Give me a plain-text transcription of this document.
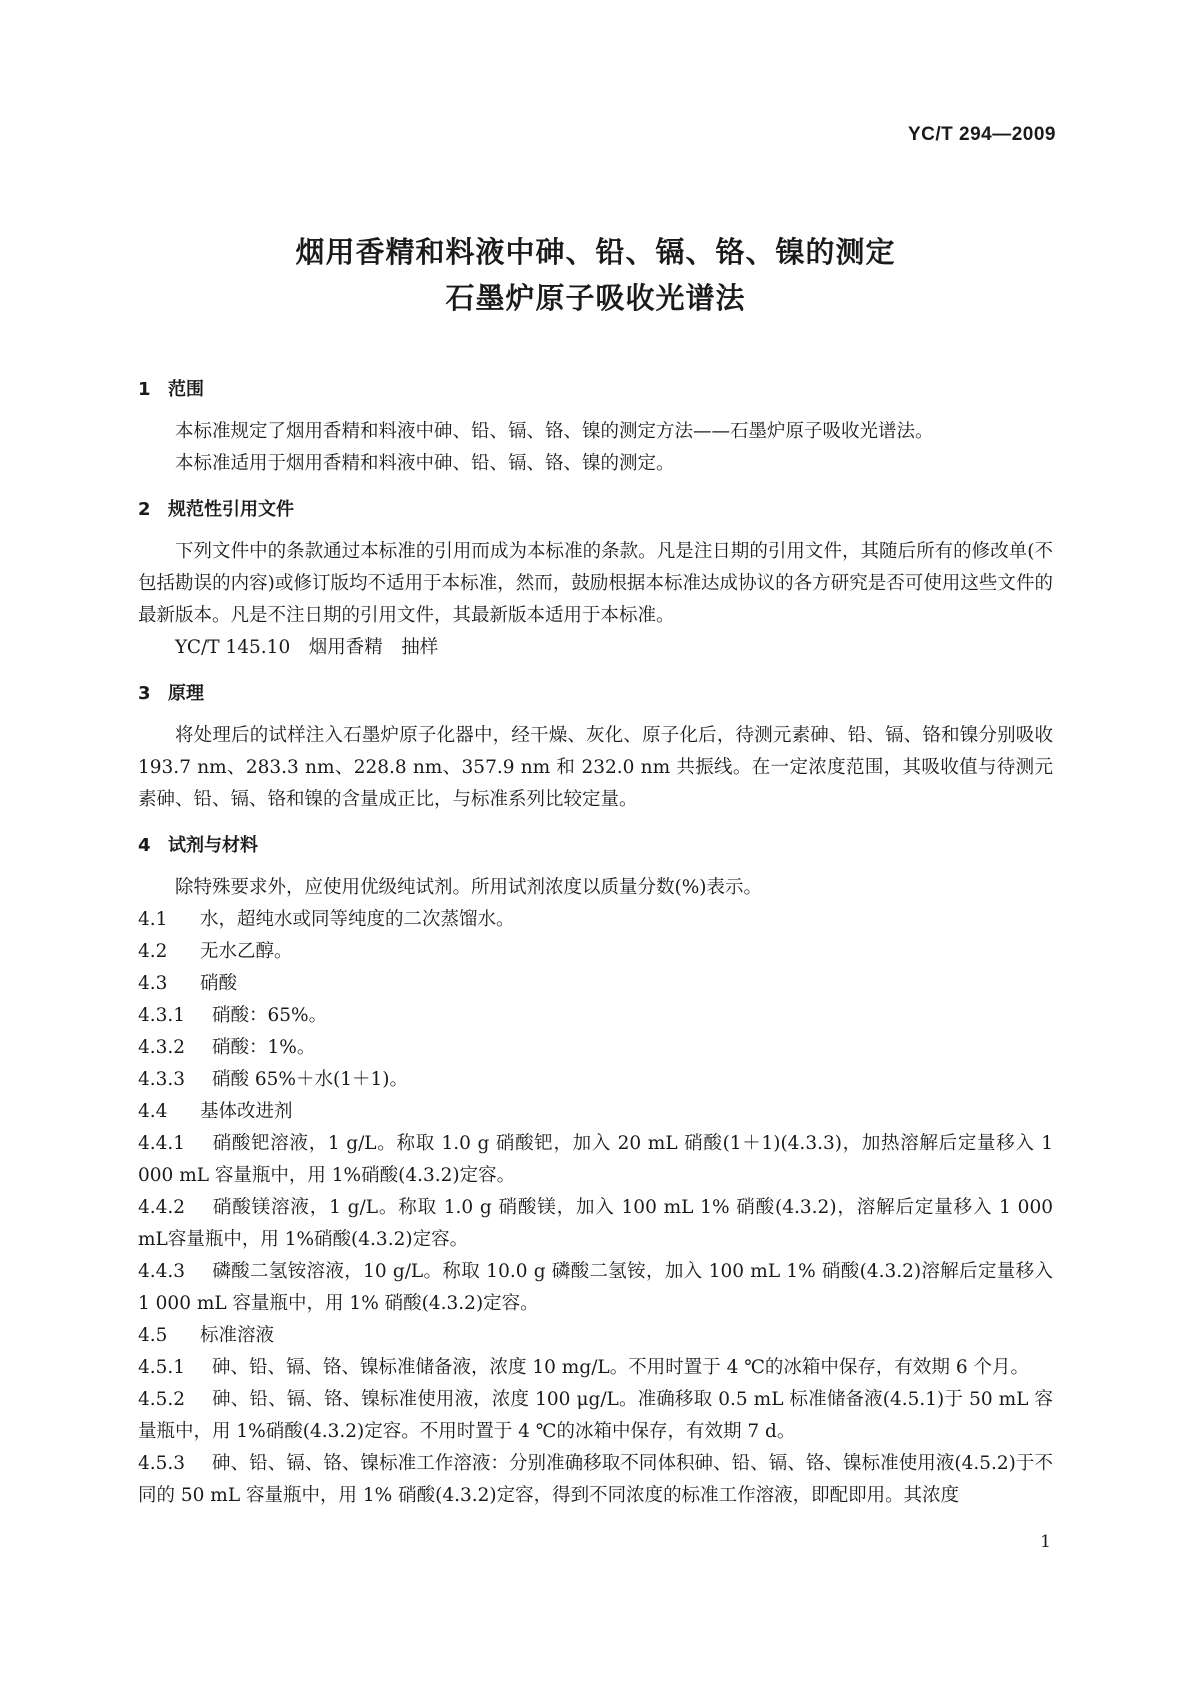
YC/T 294—2009
烟用香精和料液中砷、铅、镉、铬、镍的测定
石墨炉原子吸收光谱法
1 范围

本标准规定了烟用香精和料液中砷、铅、镉、铬、镍的测定方法——石墨炉原子吸收光谱法。

本标准适用于烟用香精和料液中砷、铅、镉、铬、镍的测定。

2 规范性引用文件

下列文件中的条款通过本标准的引用而成为本标准的条款。凡是注日期的引用文件，其随后所有的修改单(不包括勘误的内容)或修订版均不适用于本标准，然而，鼓励根据本标准达成协议的各方研究是否可使用这些文件的最新版本。凡是不注日期的引用文件，其最新版本适用于本标准。

YC/T 145.10　烟用香精　抽样

3 原理

将处理后的试样注入石墨炉原子化器中，经干燥、灰化、原子化后，待测元素砷、铅、镉、铬和镍分别吸收 193.7 nm、283.3 nm、228.8 nm、357.9 nm 和 232.0 nm 共振线。在一定浓度范围，其吸收值与待测元素砷、铅、镉、铬和镍的含量成正比，与标准系列比较定量。

4 试剂与材料

除特殊要求外，应使用优级纯试剂。所用试剂浓度以质量分数(%)表示。

4.1 水，超纯水或同等纯度的二次蒸馏水。

4.2 无水乙醇。

4.3 硝酸

4.3.1 硝酸：65%。

4.3.2 硝酸：1%。

4.3.3 硝酸 65%＋水(1＋1)。

4.4 基体改进剂

4.4.1 硝酸钯溶液，1 g/L。称取 1.0 g 硝酸钯，加入 20 mL 硝酸(1＋1)(4.3.3)，加热溶解后定量移入 1 000 mL 容量瓶中，用 1%硝酸(4.3.2)定容。

4.4.2 硝酸镁溶液，1 g/L。称取 1.0 g 硝酸镁，加入 100 mL 1% 硝酸(4.3.2)，溶解后定量移入 1 000 mL容量瓶中，用 1%硝酸(4.3.2)定容。

4.4.3 磷酸二氢铵溶液，10 g/L。称取 10.0 g 磷酸二氢铵，加入 100 mL 1% 硝酸(4.3.2)溶解后定量移入 1 000 mL 容量瓶中，用 1% 硝酸(4.3.2)定容。

4.5 标准溶液

4.5.1 砷、铅、镉、铬、镍标准储备液，浓度 10 mg/L。不用时置于 4 ℃的冰箱中保存，有效期 6 个月。

4.5.2 砷、铅、镉、铬、镍标准使用液，浓度 100 μg/L。准确移取 0.5 mL 标准储备液(4.5.1)于 50 mL 容量瓶中，用 1%硝酸(4.3.2)定容。不用时置于 4 ℃的冰箱中保存，有效期 7 d。

4.5.3 砷、铅、镉、铬、镍标准工作溶液：分别准确移取不同体积砷、铅、镉、铬、镍标准使用液(4.5.2)于不同的 50 mL 容量瓶中，用 1% 硝酸(4.3.2)定容，得到不同浓度的标准工作溶液，即配即用。其浓度

1
